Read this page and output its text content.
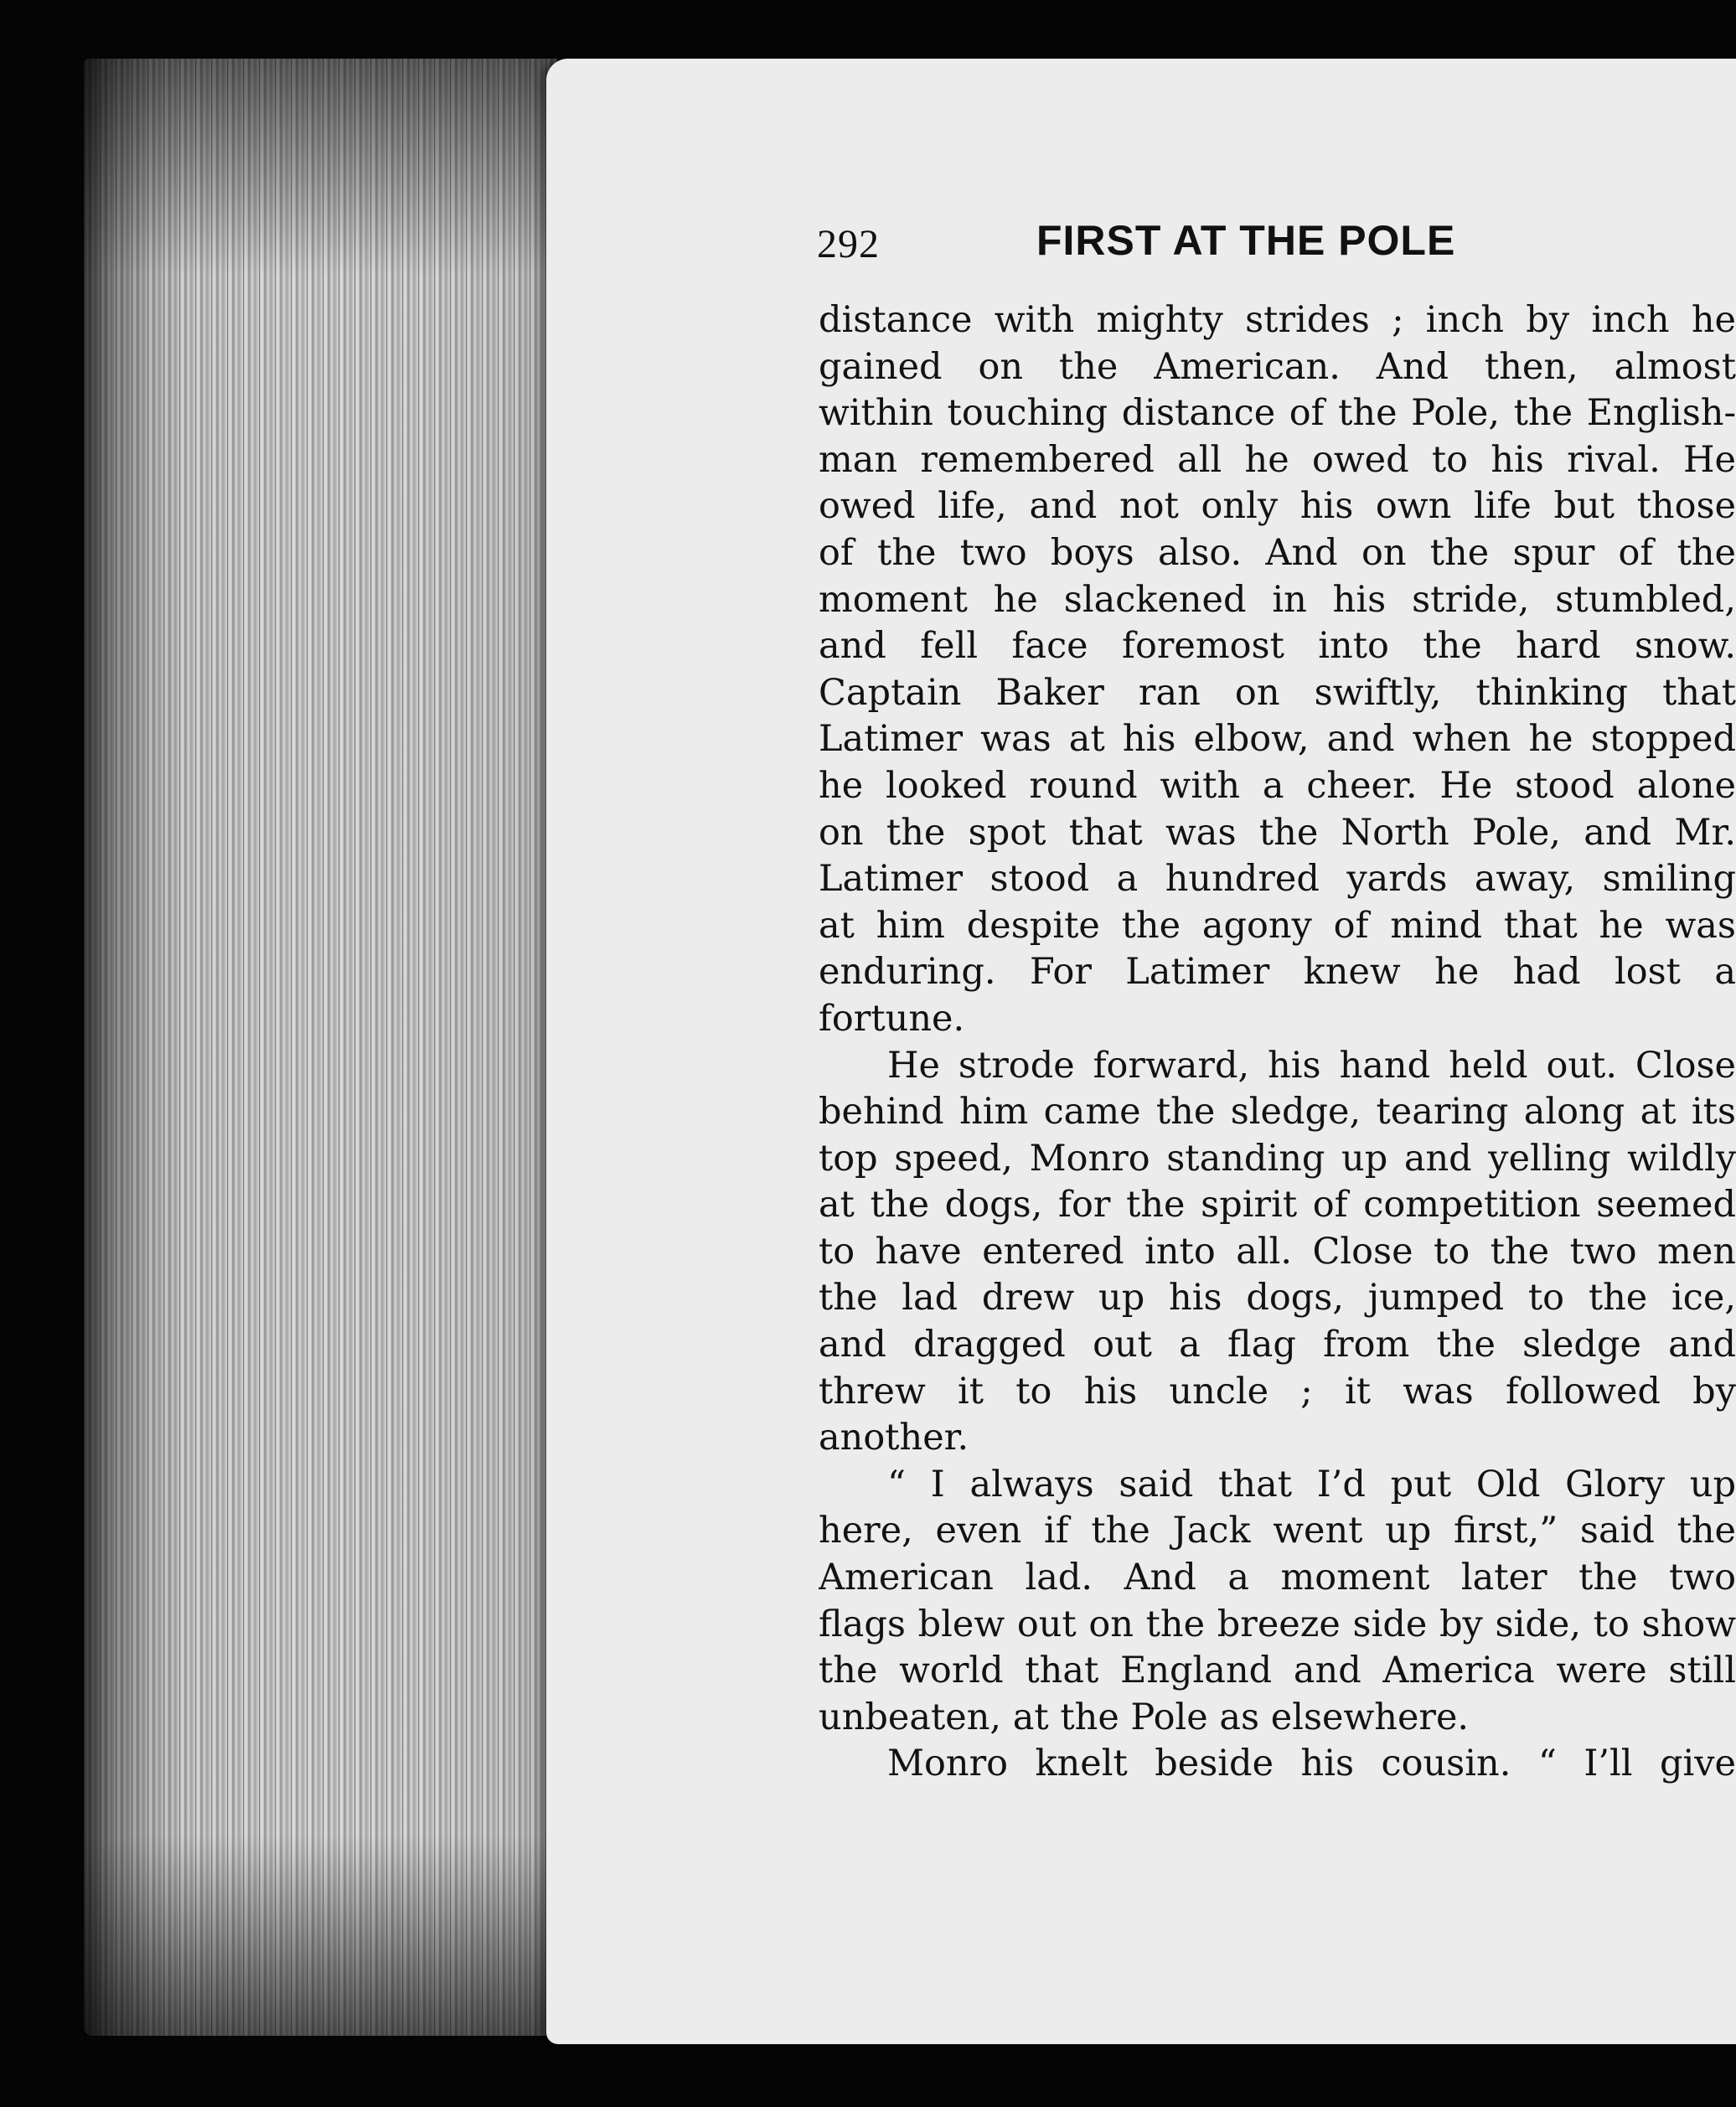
292	FIRST AT THE POLE
distance with mighty strides ; inch by inch he
gained on the American. And then, almost
within touching distance of the Pole, the English-
man remembered all he owed to his rival. He
owed life, and not only his own life but those
of the two boys also. And on the spur of the
moment he slackened in his stride, stumbled,
and fell face foremost into the hard snow.
Captain Baker ran on swiftly, thinking that
Latimer was at his elbow, and when he stopped
he looked round with a cheer. He stood alone
on the spot that was the North Pole, and Mr.
Latimer stood a hundred yards away, smiling
at him despite the agony of mind that he was
enduring. For Latimer knew he had lost a
fortune.
He strode forward, his hand held out. Close
behind him came the sledge, tearing along at its
top speed, Monro standing up and yelling wildly
at the dogs, for the spirit of competition seemed
to have entered into all. Close to the two men
the lad drew up his dogs, jumped to the ice,
and dragged out a flag from the sledge and
threw it to his uncle ; it was followed by
another.
“ I always said that I’d put Old Glory up
here, even if the Jack went up first,” said the
American lad. And a moment later the two
flags blew out on the breeze side by side, to show
the world that England and America were still
unbeaten, at the Pole as elsewhere.
Monro knelt beside his cousin. “ I’ll give
